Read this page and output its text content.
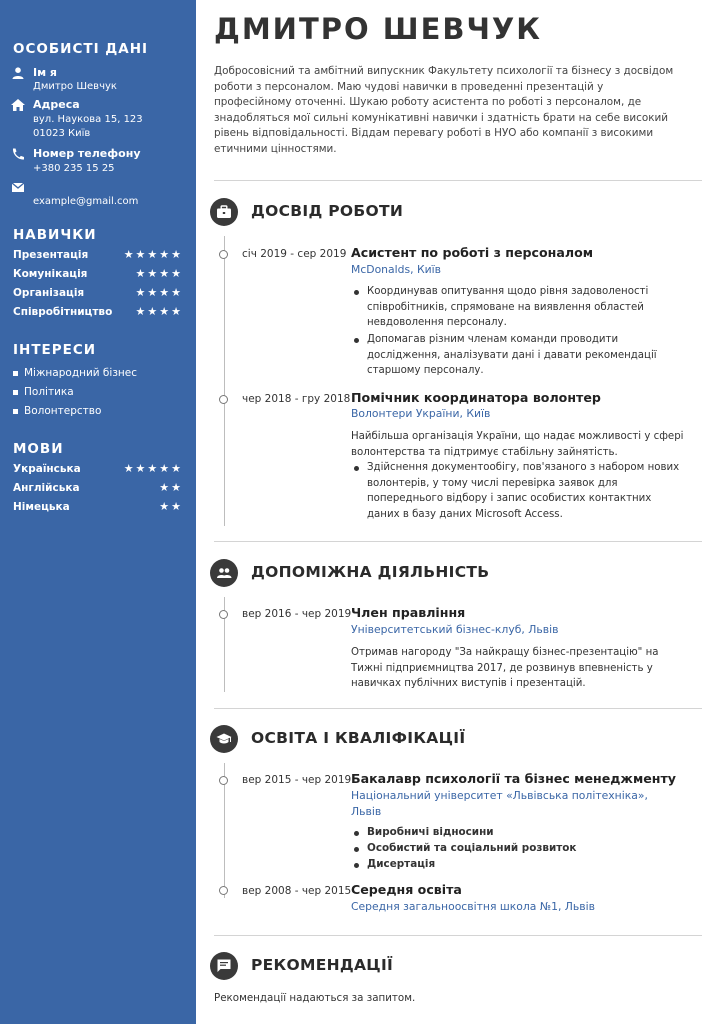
ОСОБИСТІ ДАНІ
Ім я
Дмитро Шевчук
Адреса
вул. Наукова 15, 123
01023 Київ
Номер телефону
+380 235 15 25
example@gmail.com
НАВИЧКИ
Презентація	★★★★★
Комунікація	★★★★
Організація	★★★★
Співробітництво ★★★★
ІНТЕРЕСИ
Міжнародний бізнес
Політика
Волонтерство
МОВИ
Українська	★★★★★
Англійська	★★
Німецька	★★
ДМИТРО ШЕВЧУК
Добросовісний та амбітний випускник Факультету психології та бізнесу з досвідом роботи з персоналом. Маю чудові навички в проведенні презентацій у професійному оточенні. Шукаю роботу асистента по роботі з персоналом, де знадобляться мої сильні комунікативні навички і здатність брати на себе високий рівень відповідальності. Віддам перевагу роботі в НУО або компанії з високими етичними цінностями.
ДОСВІД РОБОТИ
січ 2019 - сер 2019 Асистент по роботі з персоналом
McDonalds, Київ
Координував опитування щодо рівня задоволеності співробітників, спрямоване на виявлення областей невдоволення персоналу.
Допомагав різним членам команди проводити дослідження, аналізувати дані і давати рекомендації старшому персоналу.
чер 2018 - гру 2018 Помічник координатора волонтер
Волонтери України, Київ
Найбільша організація України, що надає можливості у сфері волонтерства та підтримує стабільну зайнятість.
Здійснення документообігу, пов'язаного з набором нових волонтерів, у тому числі перевірка заявок для попереднього відбору і запис особистих контактних даних в базу даних Microsoft Access.
ДОПОМІЖНА ДІЯЛЬНІСТЬ
вер 2016 - чер 2019 Член правління
Університетський бізнес-клуб, Львів
Отримав нагороду "За найкращу бізнес-презентацію" на Тижні підприємництва 2017, де розвинув впевненість у навичках публічних виступів і презентацій.
ОСВІТА І КВАЛІФІКАЦІЇ
вер 2015 - чер 2019 Бакалавр психології та бізнес менеджменту
Національний університет «Львівська політехніка»,
Львів
Виробничі відносини
Особистий та соціальний розвиток
Дисертація
вер 2008 - чер 2015 Середня освіта
Середня загальноосвітня школа №1, Львів
РЕКОМЕНДАЦІЇ
Рекомендації надаються за запитом.
